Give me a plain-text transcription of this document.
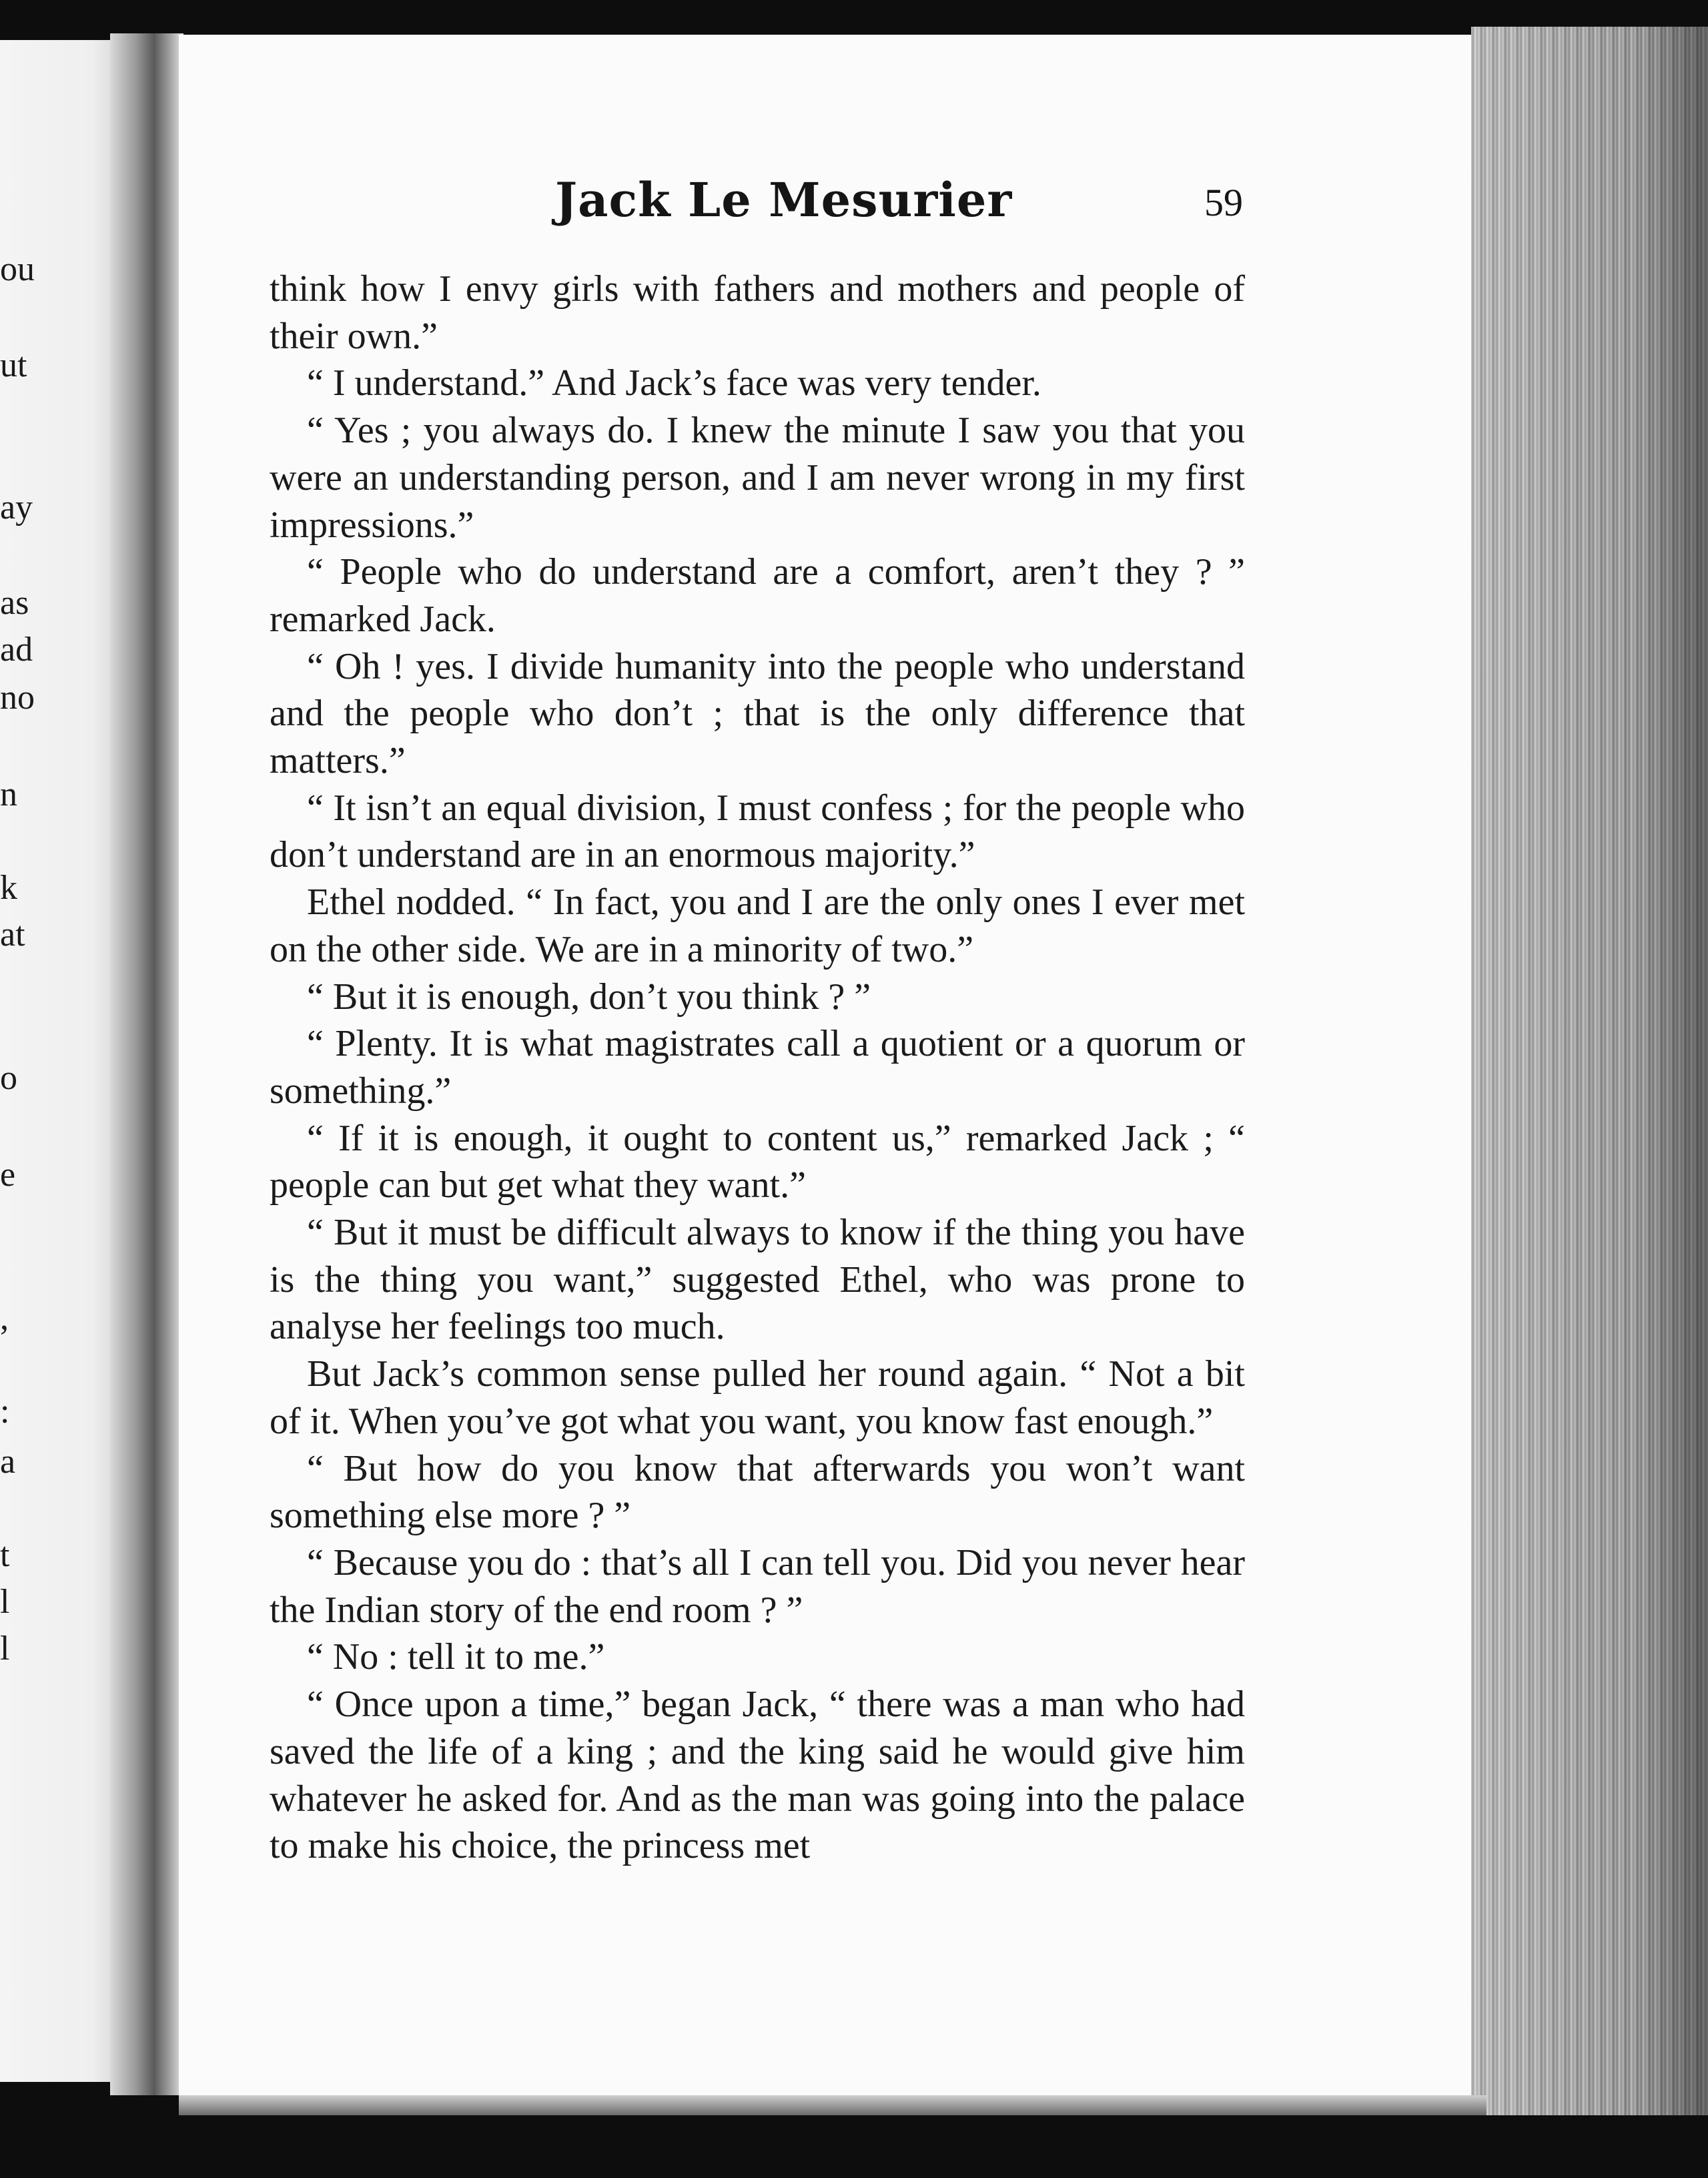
ou
ut
ay
as
ad
no
n
k
at
o
e
,
:
a
t
l
l
Jack Le Mesurier	59

think how I envy girls with fathers and mothers and people of their own.”

“ I understand.” And Jack’s face was very tender.

“ Yes ; you always do. I knew the minute I saw you that you were an understanding person, and I am never wrong in my first impressions.”

“ People who do understand are a comfort, aren’t they ? ” remarked Jack.

“ Oh ! yes. I divide humanity into the people who understand and the people who don’t ; that is the only difference that matters.”

“ It isn’t an equal division, I must confess ; for the people who don’t understand are in an enormous majority.”

Ethel nodded. “ In fact, you and I are the only ones I ever met on the other side. We are in a minority of two.”

“ But it is enough, don’t you think ? ”

“ Plenty. It is what magistrates call a quotient or a quorum or something.”

“ If it is enough, it ought to content us,” remarked Jack ; “ people can but get what they want.”

“ But it must be difficult always to know if the thing you have is the thing you want,” suggested Ethel, who was prone to analyse her feelings too much.

But Jack’s common sense pulled her round again. “ Not a bit of it. When you’ve got what you want, you know fast enough.”

“ But how do you know that afterwards you won’t want something else more ? ”

“ Because you do : that’s all I can tell you. Did you never hear the Indian story of the end room ? ”

“ No : tell it to me.”

“ Once upon a time,” began Jack, “ there was a man who had saved the life of a king ; and the king said he would give him whatever he asked for. And as the man was going into the palace to make his choice, the princess met
